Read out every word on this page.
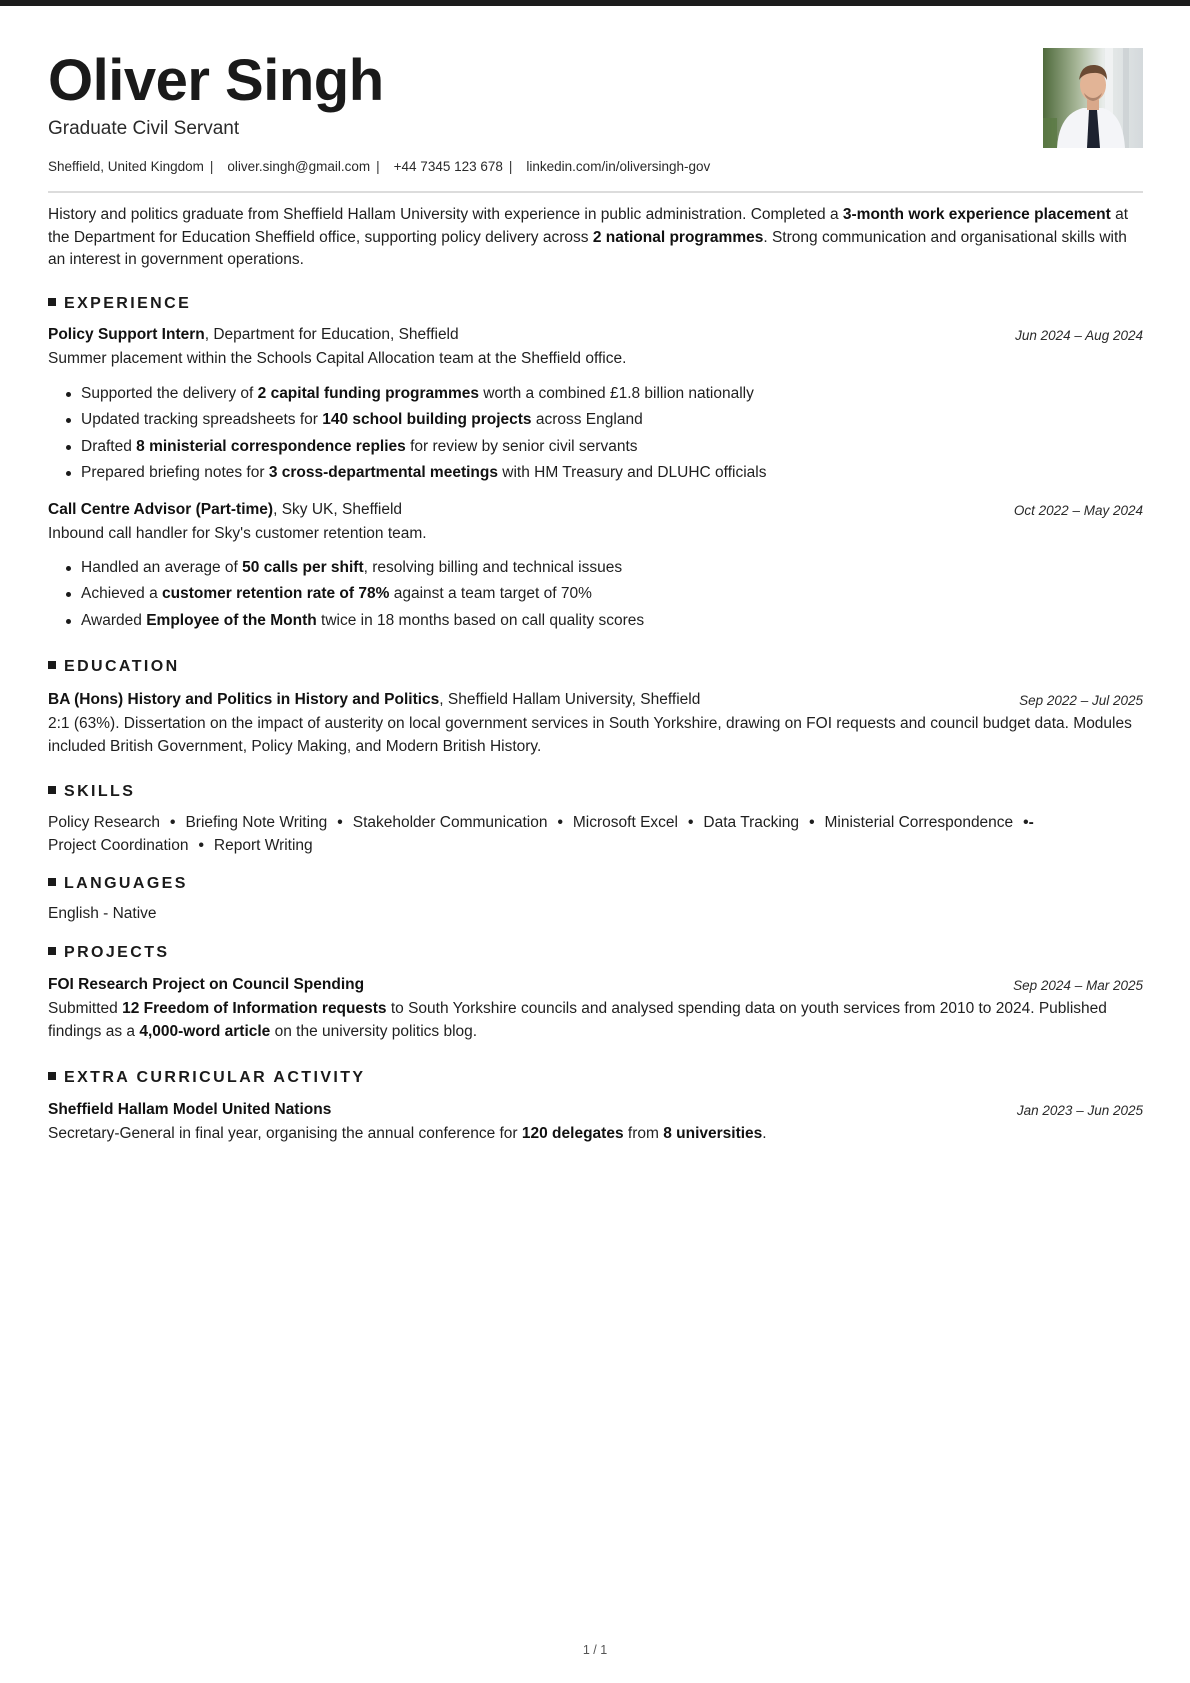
Oliver Singh
Graduate Civil Servant
Sheffield, United Kingdom | oliver.singh@gmail.com | +44 7345 123 678 | linkedin.com/in/oliversingh-gov
History and politics graduate from Sheffield Hallam University with experience in public administration. Completed a 3-month work experience placement at the Department for Education Sheffield office, supporting policy delivery across 2 national programmes. Strong communication and organisational skills with an interest in government operations.
EXPERIENCE
Policy Support Intern, Department for Education, Sheffield	Jun 2024 – Aug 2024
Summer placement within the Schools Capital Allocation team at the Sheffield office.
Supported the delivery of 2 capital funding programmes worth a combined £1.8 billion nationally
Updated tracking spreadsheets for 140 school building projects across England
Drafted 8 ministerial correspondence replies for review by senior civil servants
Prepared briefing notes for 3 cross-departmental meetings with HM Treasury and DLUHC officials
Call Centre Advisor (Part-time), Sky UK, Sheffield	Oct 2022 – May 2024
Inbound call handler for Sky's customer retention team.
Handled an average of 50 calls per shift, resolving billing and technical issues
Achieved a customer retention rate of 78% against a team target of 70%
Awarded Employee of the Month twice in 18 months based on call quality scores
EDUCATION
BA (Hons) History and Politics in History and Politics, Sheffield Hallam University, Sheffield	Sep 2022 – Jul 2025
2:1 (63%). Dissertation on the impact of austerity on local government services in South Yorkshire, drawing on FOI requests and council budget data. Modules included British Government, Policy Making, and Modern British History.
SKILLS
Policy Research • Briefing Note Writing • Stakeholder Communication • Microsoft Excel • Data Tracking • Ministerial Correspondence •-
Project Coordination • Report Writing
LANGUAGES
English - Native
PROJECTS
FOI Research Project on Council Spending	Sep 2024 – Mar 2025
Submitted 12 Freedom of Information requests to South Yorkshire councils and analysed spending data on youth services from 2010 to 2024. Published findings as a 4,000-word article on the university politics blog.
EXTRA CURRICULAR ACTIVITY
Sheffield Hallam Model United Nations	Jan 2023 – Jun 2025
Secretary-General in final year, organising the annual conference for 120 delegates from 8 universities.
1 / 1
